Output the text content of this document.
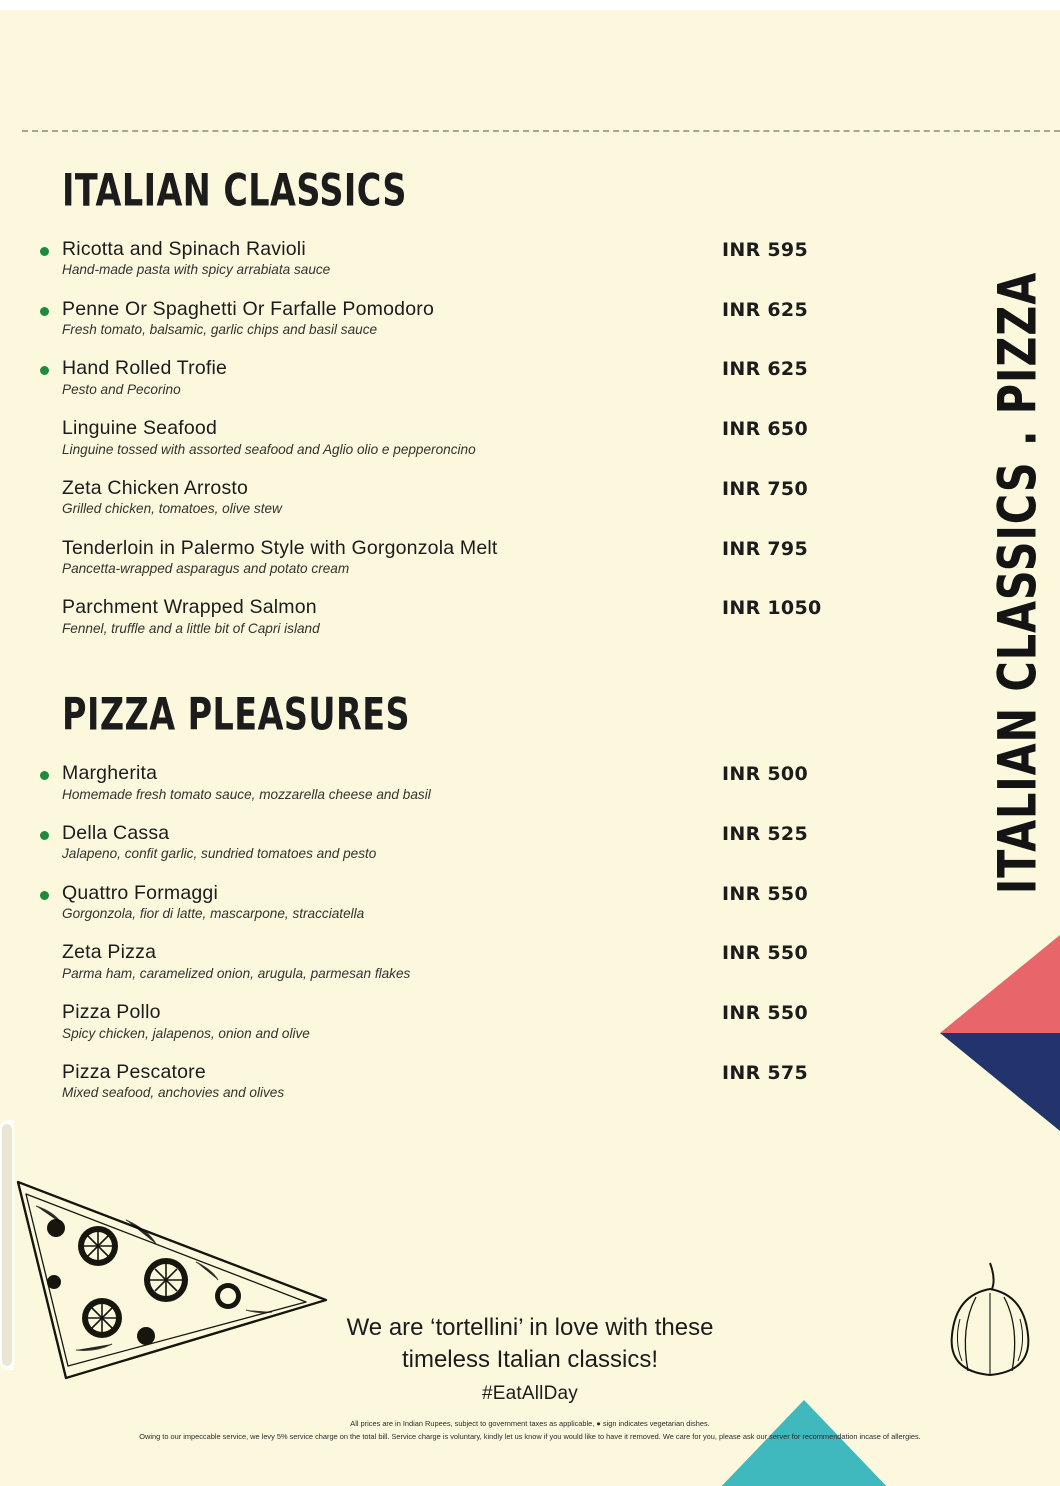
ITALIAN CLASSICS
Ricotta and Spinach Ravioli
Hand-made pasta with spicy arrabiata sauce
INR 595
Penne Or Spaghetti Or Farfalle Pomodoro
Fresh tomato, balsamic, garlic chips and basil sauce
INR 625
Hand Rolled Trofie
Pesto and Pecorino
INR 625
Linguine Seafood
Linguine tossed with assorted seafood and Aglio olio e pepperoncino
INR 650
Zeta Chicken Arrosto
Grilled chicken, tomatoes, olive stew
INR 750
Tenderloin in Palermo Style with Gorgonzola Melt
Pancetta-wrapped asparagus and potato cream
INR 795
Parchment Wrapped Salmon
Fennel, truffle and a little bit of Capri island
INR 1050
PIZZA PLEASURES
Margherita
Homemade fresh tomato sauce, mozzarella cheese and basil
INR 500
Della Cassa
Jalapeno, confit garlic, sundried tomatoes and pesto
INR 525
Quattro Formaggi
Gorgonzola, fior di latte, mascarpone, stracciatella
INR 550
Zeta Pizza
Parma ham, caramelized onion, arugula, parmesan flakes
INR 550
Pizza Pollo
Spicy chicken, jalapenos, onion and olive
INR 550
Pizza Pescatore
Mixed seafood, anchovies and olives
INR 575
ITALIAN CLASSICS . PIZZA
We are ‘tortellini’ in love with these
timeless Italian classics!
#EatAllDay
All prices are in Indian Rupees, subject to government taxes as applicable, ● sign indicates vegetarian dishes.
Owing to our impeccable service, we levy 5% service charge on the total bill. Service charge is voluntary, kindly let us know if you would like to have it removed. We care for you, please ask our server for recommendation incase of allergies.
